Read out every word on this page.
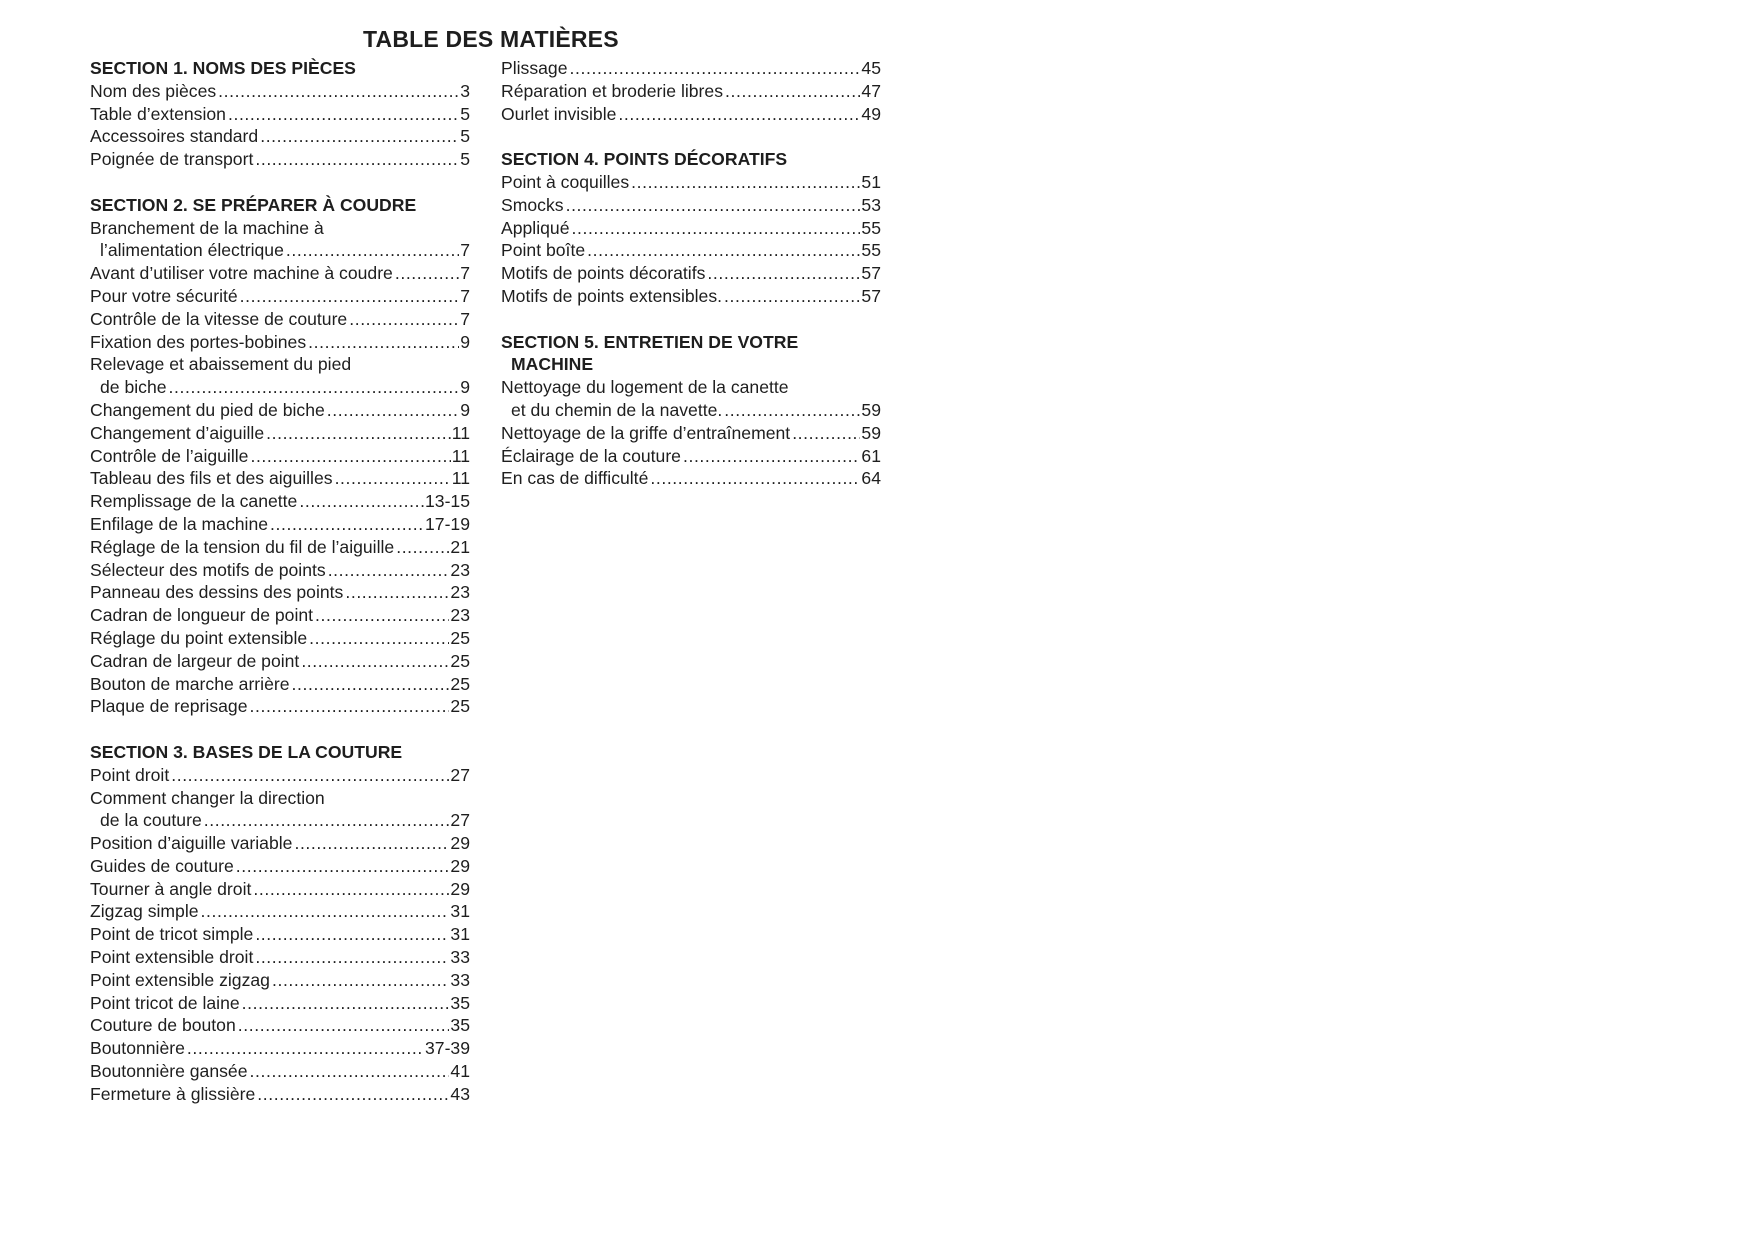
TABLE DES MATIÈRES
SECTION 1. NOMS DES PIÈCES
Nom des pièces .....	3
Table d’extension .....	5
Accessoires standard .....	5
Poignée de transport .....	5
SECTION 2. SE PRÉPARER À COUDRE
Branchement de la machine à
l’alimentation électrique .....	7
Avant d’utiliser votre machine à coudre .....	7
Pour votre sécurité .....	7
Contrôle de la vitesse de couture .....	7
Fixation des portes-bobines .....	9
Relevage et abaissement du pied
de biche .....	9
Changement du pied de biche .....	9
Changement d’aiguille .....	11
Contrôle de l’aiguille .....	11
Tableau des fils et des aiguilles .....	11
Remplissage de la canette .....	13-15
Enfilage de la machine .....	17-19
Réglage de la tension du fil de l’aiguille .....	21
Sélecteur des motifs de points .....	23
Panneau des dessins des points .....	23
Cadran de longueur de point .....	23
Réglage du point extensible .....	25
Cadran de largeur de point .....	25
Bouton de marche arrière .....	25
Plaque de reprisage .....	25
SECTION 3. BASES DE LA COUTURE
Point droit .....	27
Comment changer la direction
de la couture .....	27
Position d’aiguille variable .....	29
Guides de couture .....	29
Tourner à angle droit .....	29
Zigzag simple .....	31
Point de tricot simple .....	31
Point extensible droit .....	33
Point extensible zigzag .....	33
Point tricot de laine .....	35
Couture de bouton .....	35
Boutonnière .....	37-39
Boutonnière gansée .....	41
Fermeture à glissière .....	43
Plissage .....	45
Réparation et broderie libres .....	47
Ourlet invisible .....	49
SECTION 4. POINTS DÉCORATIFS
Point à coquilles .....	51
Smocks .....	53
Appliqué .....	55
Point boîte .....	55
Motifs de points décoratifs .....	57
Motifs de points extensibles. .....	57
SECTION 5. ENTRETIEN DE VOTRE
MACHINE
Nettoyage du logement de la canette
et du chemin de la navette. .....	59
Nettoyage de la griffe d’entraînement .....	59
Éclairage de la couture .....	61
En cas de difficulté .....	64
